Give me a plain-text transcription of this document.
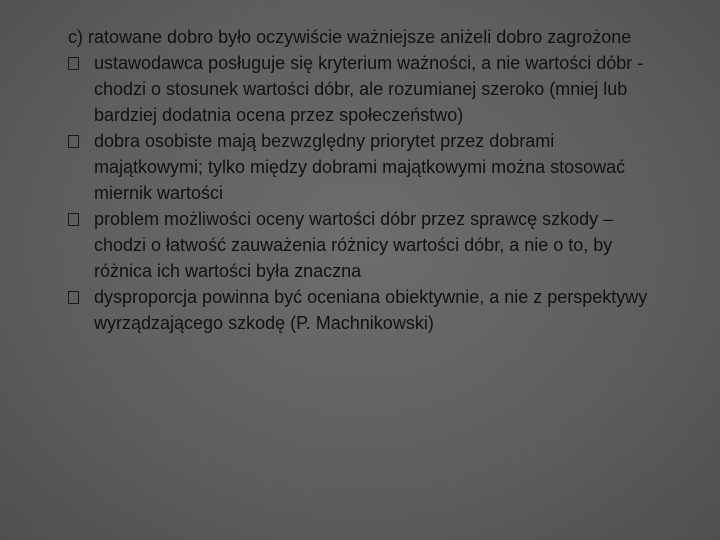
c) ratowane dobro było oczywiście ważniejsze aniżeli dobro zagrożone
ustawodawca posługuje się kryterium ważności, a nie wartości dóbr - chodzi o stosunek wartości dóbr, ale rozumianej szeroko (mniej lub bardziej dodatnia ocena przez społeczeństwo)
dobra osobiste mają bezwzględny priorytet przez dobrami majątkowymi; tylko między dobrami majątkowymi można stosować miernik wartości
problem możliwości oceny wartości dóbr przez sprawcę szkody – chodzi o łatwość zauważenia różnicy wartości dóbr, a nie o to, by różnica ich wartości była znaczna
dysproporcja powinna być oceniana obiektywnie, a nie z perspektywy wyrządzającego szkodę (P. Machnikowski)
